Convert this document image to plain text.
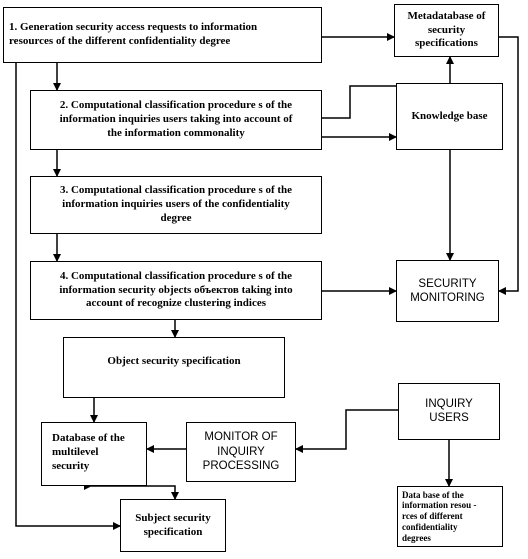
1. Generation security access requests to information
resources of the different confidentiality degree
Metadatabase of
security
specifications
2. Computational classification procedure s of the
information inquiries users taking into account of
the information commonality
Knowledge base
3. Computational classification procedure s of the
information inquiries users of the confidentiality
degree
4. Computational classification procedure s of the
information security objects объектов taking into
account of recognize clustering indices
SECURITY
MONITORING
Object security specification
INQUIRY
USERS
Database of the
multilevel
security
MONITOR OF
INQUIRY
PROCESSING
Data base of the
information resou -
rces of different
confidentiality
degrees
Subject security
specification
